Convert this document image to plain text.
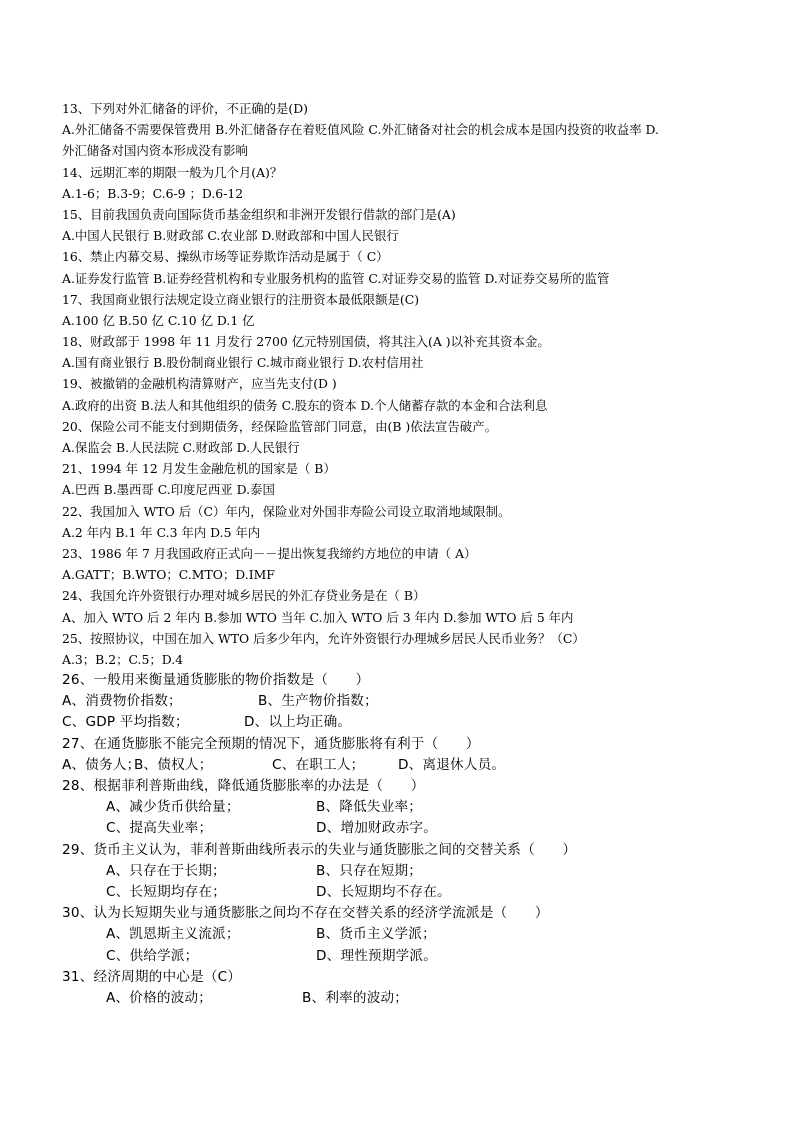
13、下列对外汇储备的评价，不正确的是(D)
A.外汇储备不需要保管费用 B.外汇储备存在着贬值风险 C.外汇储备对社会的机会成本是国内投资的收益率 D.
外汇储备对国内资本形成没有影响
14、远期汇率的期限一般为几个月(A)？
A.1-6；B.3-9；C.6-9 ；D.6-12
15、目前我国负责向国际货币基金组织和非洲开发银行借款的部门是(A)
A.中国人民银行 B.财政部 C.农业部 D.财政部和中国人民银行
16、禁止内幕交易、操纵市场等证券欺诈活动是属于（ C）
A.证券发行监管 B.证券经营机构和专业服务机构的监管 C.对证券交易的监管 D.对证券交易所的监管
17、我国商业银行法规定设立商业银行的注册资本最低限额是(C)
A.100 亿 B.50 亿 C.10 亿 D.1 亿
18、财政部于 1998 年 11 月发行 2700 亿元特别国债，将其注入(A )以补充其资本金。
A.国有商业银行 B.股份制商业银行 C.城市商业银行 D.农村信用社
19、被撤销的金融机构清算财产，应当先支付(D )
A.政府的出资 B.法人和其他组织的债务 C.股东的资本 D.个人储蓄存款的本金和合法利息
20、保险公司不能支付到期债务，经保险监管部门同意，由(B )依法宣告破产。
A.保监会 B.人民法院 C.财政部 D.人民银行
21、1994 年 12 月发生金融危机的国家是（ B）
A.巴西 B.墨西哥 C.印度尼西亚 D.泰国
22、我国加入 WTO 后（C）年内，保险业对外国非寿险公司设立取消地域限制。
A.2 年内 B.1 年 C.3 年内 D.5 年内
23、1986 年 7 月我国政府正式向－－提出恢复我缔约方地位的申请（ A）
A.GATT；B.WTO；C.MTO；D.IMF
24、我国允许外资银行办理对城乡居民的外汇存贷业务是在（ B）
A、加入 WTO 后 2 年内 B.参加 WTO 当年 C.加入 WTO 后 3 年内 D.参加 WTO 后 5 年内
25、按照协议，中国在加入 WTO 后多少年内，允许外资银行办理城乡居民人民币业务？（C）
A.3；B.2；C.5；D.4
26、一般用来衡量通货膨胀的物价指数是（　　）
A、消费物价指数；	B、生产物价指数；
C、GDP 平均指数；	D、以上均正确。
27、在通货膨胀不能完全预期的情况下，通货膨胀将有利于（　　）
A、债务人；
B、债权人；	C、在职工人；	D、离退休人员。
28、根据菲利普斯曲线，降低通货膨胀率的办法是（　　）
A、减少货币供给量；	B、降低失业率；
C、提高失业率；	D、增加财政赤字。
29、货币主义认为，菲利普斯曲线所表示的失业与通货膨胀之间的交替关系（　　）
A、只存在于长期；	B、只存在短期；
C、长短期均存在；	D、长短期均不存在。
30、认为长短期失业与通货膨胀之间均不存在交替关系的经济学流派是（　　）
A、凯恩斯主义流派；	B、货币主义学派；
C、供给学派；	D、理性预期学派。
31、经济周期的中心是（C）
A、价格的波动；	B、利率的波动；
